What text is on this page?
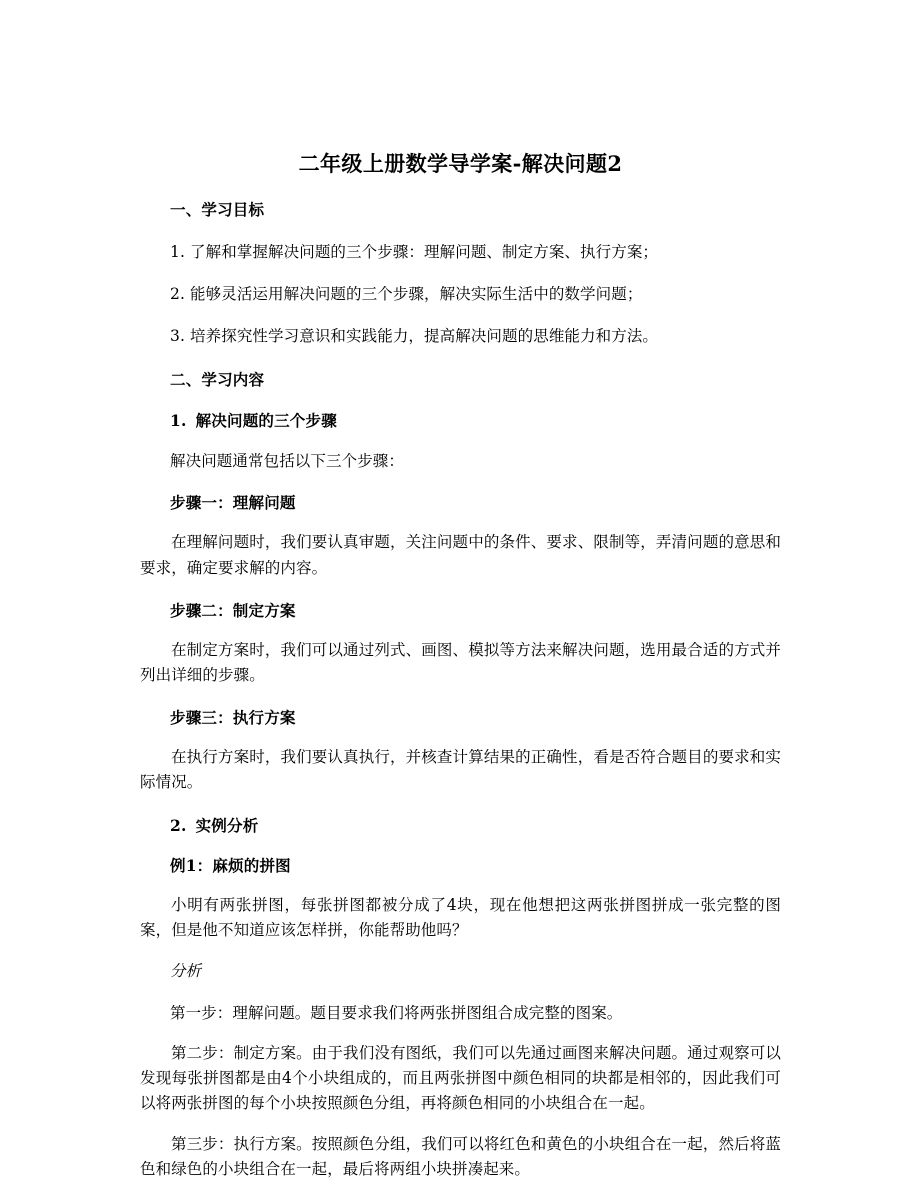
二年级上册数学导学案-解决问题2
一、学习目标

1. 了解和掌握解决问题的三个步骤：理解问题、制定方案、执行方案；

2. 能够灵活运用解决问题的三个步骤，解决实际生活中的数学问题；

3. 培养探究性学习意识和实践能力，提高解决问题的思维能力和方法。

二、学习内容
1. 解决问题的三个步骤

解决问题通常包括以下三个步骤：

步骤一：理解问题

在理解问题时，我们要认真审题，关注问题中的条件、要求、限制等，弄清问题的意思和要求，确定要求解的内容。

步骤二：制定方案

在制定方案时，我们可以通过列式、画图、模拟等方法来解决问题，选用最合适的方式并列出详细的步骤。

步骤三：执行方案

在执行方案时，我们要认真执行，并核查计算结果的正确性，看是否符合题目的要求和实际情况。

2. 实例分析
例1：麻烦的拼图

小明有两张拼图，每张拼图都被分成了4块，现在他想把这两张拼图拼成一张完整的图案，但是他不知道应该怎样拼，你能帮助他吗？

分析

第一步：理解问题。题目要求我们将两张拼图组合成完整的图案。

第二步：制定方案。由于我们没有图纸，我们可以先通过画图来解决问题。通过观察可以发现每张拼图都是由4个小块组成的，而且两张拼图中颜色相同的块都是相邻的，因此我们可以将两张拼图的每个小块按照颜色分组，再将颜色相同的小块组合在一起。

第三步：执行方案。按照颜色分组，我们可以将红色和黄色的小块组合在一起，然后将蓝色和绿色的小块组合在一起，最后将两组小块拼凑起来。
